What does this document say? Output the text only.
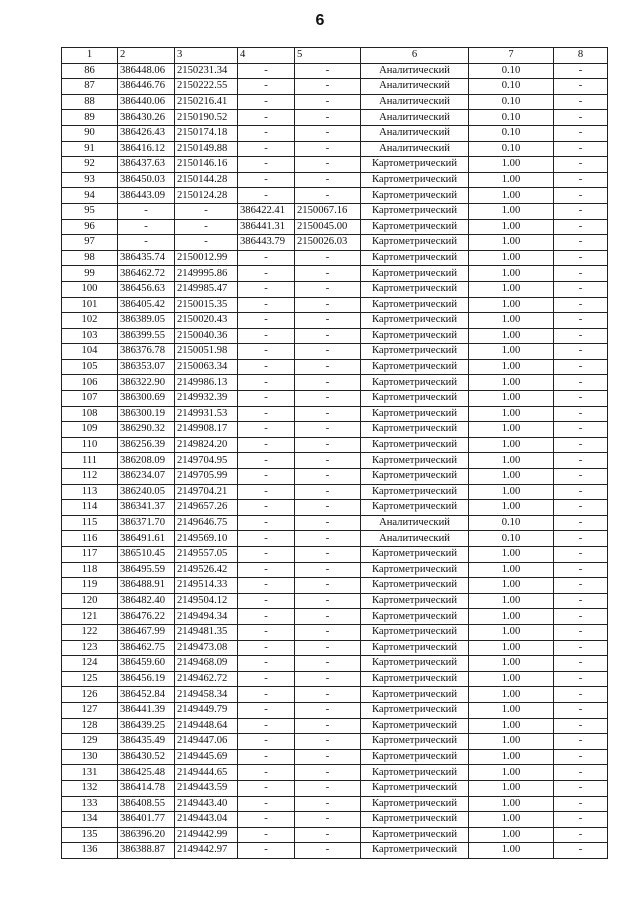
6
1	2	3	4	5	6	7	8
86	386448.06	2150231.34	-	-	Аналитический	0.10	-
87	386446.76	2150222.55	-	-	Аналитический	0.10	-
88	386440.06	2150216.41	-	-	Аналитический	0.10	-
89	386430.26	2150190.52	-	-	Аналитический	0.10	-
90	386426.43	2150174.18	-	-	Аналитический	0.10	-
91	386416.12	2150149.88	-	-	Аналитический	0.10	-
92	386437.63	2150146.16	-	-	Картометрический	1.00	-
93	386450.03	2150144.28	-	-	Картометрический	1.00	-
94	386443.09	2150124.28	-	-	Картометрический	1.00	-
95	-	-	386422.41	2150067.16	Картометрический	1.00	-
96	-	-	386441.31	2150045.00	Картометрический	1.00	-
97	-	-	386443.79	2150026.03	Картометрический	1.00	-
98	386435.74	2150012.99	-	-	Картометрический	1.00	-
99	386462.72	2149995.86	-	-	Картометрический	1.00	-
100	386456.63	2149985.47	-	-	Картометрический	1.00	-
101	386405.42	2150015.35	-	-	Картометрический	1.00	-
102	386389.05	2150020.43	-	-	Картометрический	1.00	-
103	386399.55	2150040.36	-	-	Картометрический	1.00	-
104	386376.78	2150051.98	-	-	Картометрический	1.00	-
105	386353.07	2150063.34	-	-	Картометрический	1.00	-
106	386322.90	2149986.13	-	-	Картометрический	1.00	-
107	386300.69	2149932.39	-	-	Картометрический	1.00	-
108	386300.19	2149931.53	-	-	Картометрический	1.00	-
109	386290.32	2149908.17	-	-	Картометрический	1.00	-
110	386256.39	2149824.20	-	-	Картометрический	1.00	-
111	386208.09	2149704.95	-	-	Картометрический	1.00	-
112	386234.07	2149705.99	-	-	Картометрический	1.00	-
113	386240.05	2149704.21	-	-	Картометрический	1.00	-
114	386341.37	2149657.26	-	-	Картометрический	1.00	-
115	386371.70	2149646.75	-	-	Аналитический	0.10	-
116	386491.61	2149569.10	-	-	Аналитический	0.10	-
117	386510.45	2149557.05	-	-	Картометрический	1.00	-
118	386495.59	2149526.42	-	-	Картометрический	1.00	-
119	386488.91	2149514.33	-	-	Картометрический	1.00	-
120	386482.40	2149504.12	-	-	Картометрический	1.00	-
121	386476.22	2149494.34	-	-	Картометрический	1.00	-
122	386467.99	2149481.35	-	-	Картометрический	1.00	-
123	386462.75	2149473.08	-	-	Картометрический	1.00	-
124	386459.60	2149468.09	-	-	Картометрический	1.00	-
125	386456.19	2149462.72	-	-	Картометрический	1.00	-
126	386452.84	2149458.34	-	-	Картометрический	1.00	-
127	386441.39	2149449.79	-	-	Картометрический	1.00	-
128	386439.25	2149448.64	-	-	Картометрический	1.00	-
129	386435.49	2149447.06	-	-	Картометрический	1.00	-
130	386430.52	2149445.69	-	-	Картометрический	1.00	-
131	386425.48	2149444.65	-	-	Картометрический	1.00	-
132	386414.78	2149443.59	-	-	Картометрический	1.00	-
133	386408.55	2149443.40	-	-	Картометрический	1.00	-
134	386401.77	2149443.04	-	-	Картометрический	1.00	-
135	386396.20	2149442.99	-	-	Картометрический	1.00	-
136	386388.87	2149442.97	-	-	Картометрический	1.00	-
